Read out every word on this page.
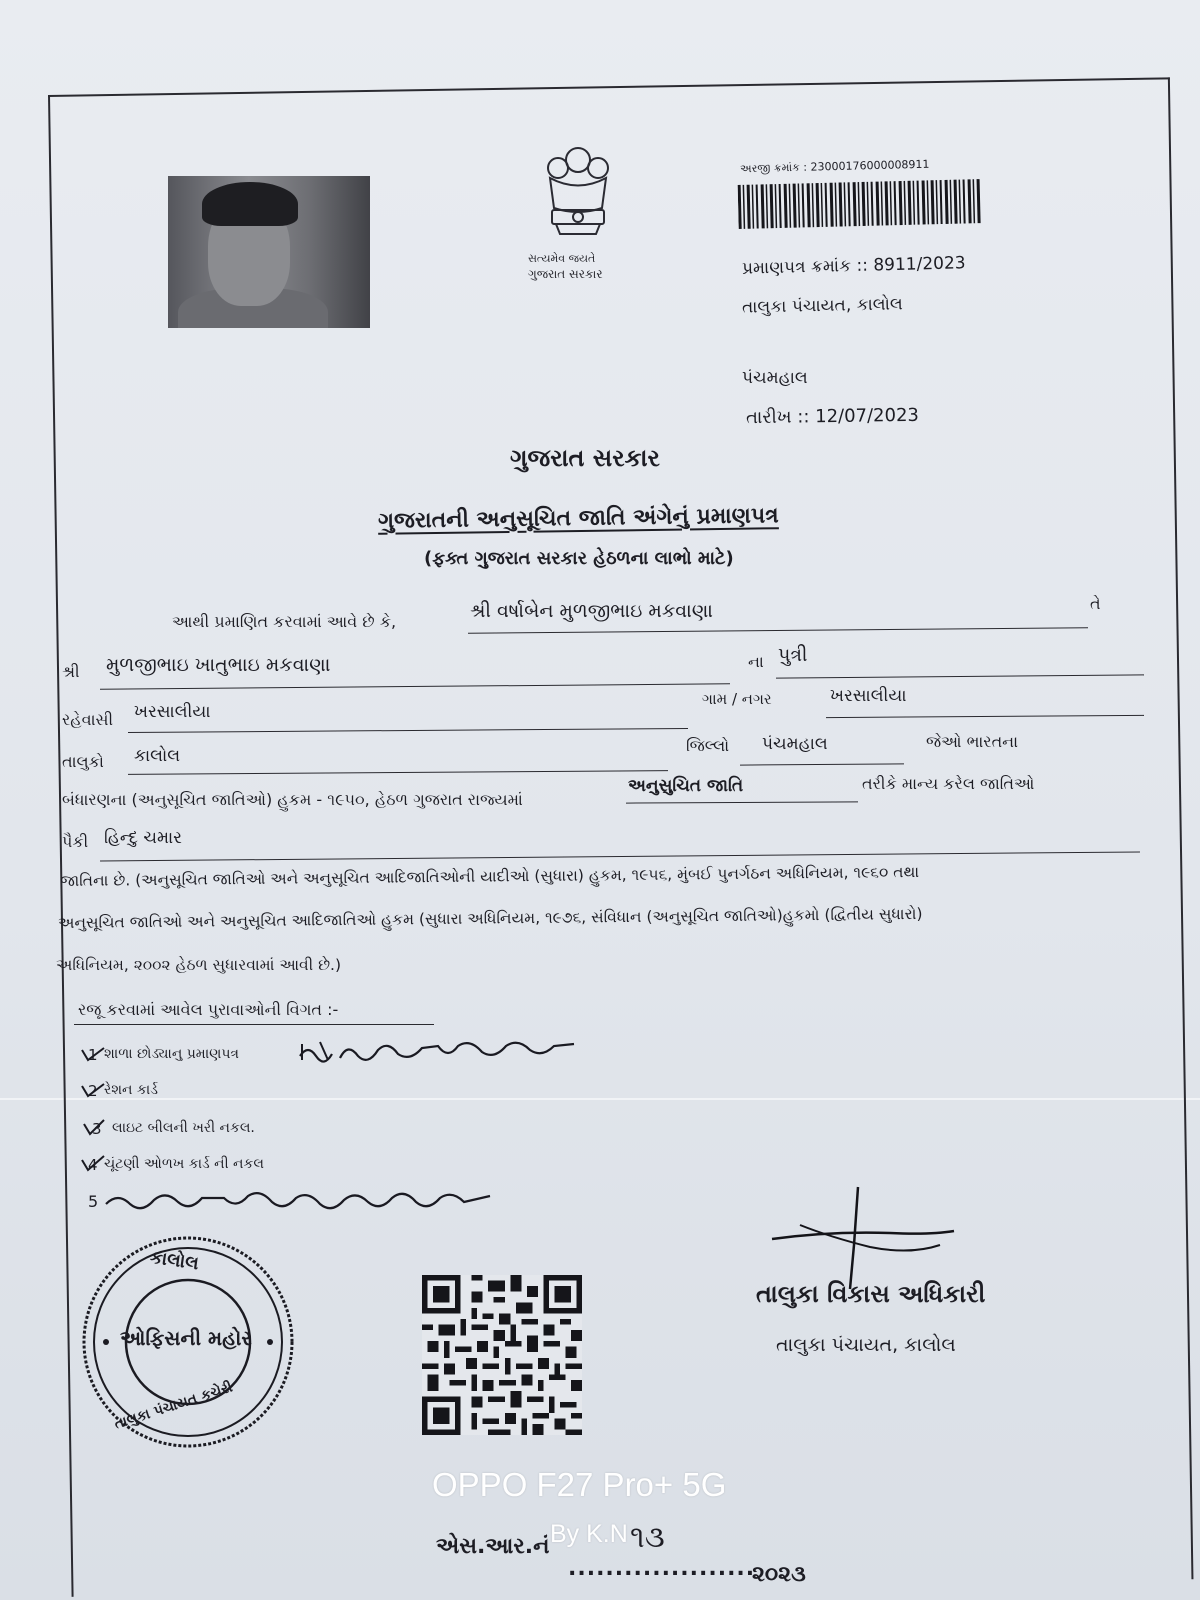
સત્યમેવ જયતે
ગુજરાત સરકાર
અરજી ક્રમાંક : 23000176000008911
પ્રમાણપત્ર ક્રમાંક :: 8911/2023
તાલુકા પંચાયત, કાલોલ
પંચમહાલ
તારીખ :: 12/07/2023
ગુજરાત સરકાર
ગુજરાતની અનુસૂચિત જાતિ અંગેનું પ્રમાણપત્ર
(ફક્ત ગુજરાત સરકાર હેઠળના લાભો માટે)
આથી પ્રમાણિત કરવામાં આવે છે કે,	શ્રી વર્ષાબેન મુળજીભાઇ મકવાણા	તે
શ્રી મુળજીભાઇ ખાતુભાઇ મકવાણા	ના પુત્રી
રહેવાસી ખરસાલીયા
ગામ / નગર	ખરસાલીયા
તાલુકો કાલોલ
જિલ્લો પંચમહાલ	જેઓ ભારતના
બંધારણના (અનુસૂચિત જાતિઓ) હુકમ - ૧૯૫૦, હેઠળ ગુજરાત રાજ્યમાં
અનુસુચિત જાતિ	તરીકે માન્ય કરેલ જાતિઓ
પૈકી હિન્દુ ચમાર
જાતિના છે. (અનુસૂચિત જાતિઓ અને અનુસૂચિત આદિજાતિઓની યાદીઓ (સુધારા) હુકમ, ૧૯૫૬, મુંબઈ પુનર્ગઠન અધિનિયમ, ૧૯૬૦ તથા
અનુસૂચિત જાતિઓ અને અનુસૂચિત આદિજાતિઓ હુકમ (સુધારા અધિનિયમ, ૧૯૭૬, સંવિધાન (અનુસૂચિત જાતિઓ)હુકમો (દ્વિતીય સુધારો)
અધિનિયમ, ૨૦૦૨ હેઠળ સુધારવામાં આવી છે.)
રજૂ કરવામાં આવેલ પુરાવાઓની વિગત :-
1 શાળા છોડ્યાનુ પ્રમાણપત્ર
2 રેશન કાર્ડ
3 લાઇટ બીલની ખરી નકલ.
4 ચૂંટણી ઓળખ કાર્ડ ની નકલ
5
કાલોલ
ઓફિસની મહોર
તાલુકા પંચાયત કચેરી
તાલુકા વિકાસ અધિકારી
તાલુકા પંચાયત, કાલોલ
એસ.આર.નં	૧૩
....................
૨૦૨૩
OPPO F27 Pro+ 5G
By K.N
